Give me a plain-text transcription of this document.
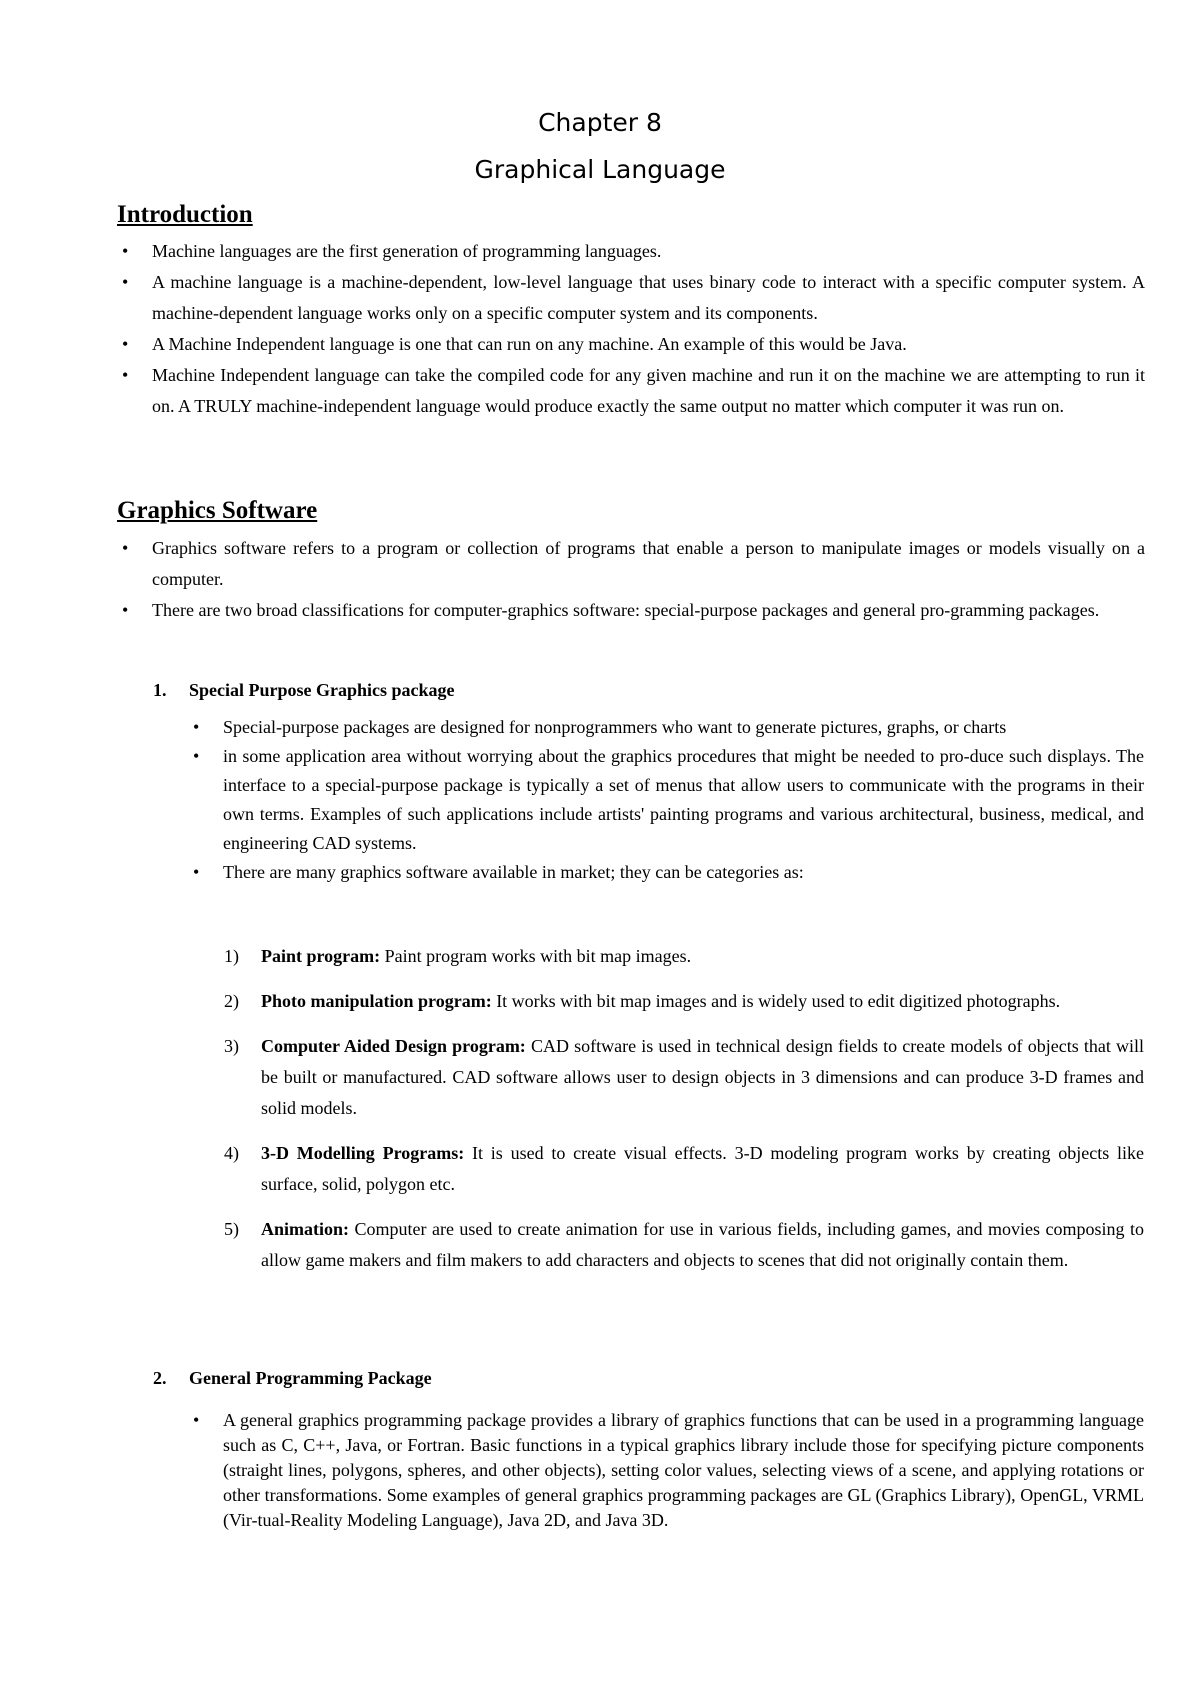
Chapter 8
Graphical Language
Introduction
• Machine languages are the first generation of programming languages.
• A machine language is a machine-dependent, low-level language that uses binary code to interact with a specific computer system. A machine-dependent language works only on a specific computer system and its components.
• A Machine Independent language is one that can run on any machine. An example of this would be Java.
• Machine Independent language can take the compiled code for any given machine and run it on the machine we are attempting to run it on. A TRULY machine-independent language would produce exactly the same output no matter which computer it was run on.
Graphics Software
• Graphics software refers to a program or collection of programs that enable a person to manipulate images or models visually on a computer.
• There are two broad classifications for computer-graphics software: special-purpose packages and general pro-gramming packages.
1. Special Purpose Graphics package
• Special-purpose packages are designed for nonprogrammers who want to generate pictures, graphs, or charts
• in some application area without worrying about the graphics procedures that might be needed to pro-duce such displays. The interface to a special-purpose package is typically a set of menus that allow users to communicate with the programs in their own terms. Examples of such applications include artists' painting programs and various architectural, business, medical, and engineering CAD systems.
• There are many graphics software available in market; they can be categories as:
1) Paint program: Paint program works with bit map images.
2) Photo manipulation program: It works with bit map images and is widely used to edit digitized photographs.
3) Computer Aided Design program: CAD software is used in technical design fields to create models of objects that will be built or manufactured. CAD software allows user to design objects in 3 dimensions and can produce 3-D frames and solid models.
4) 3-D Modelling Programs: It is used to create visual effects. 3-D modeling program works by creating objects like surface, solid, polygon etc.
5) Animation: Computer are used to create animation for use in various fields, including games, and movies composing to allow game makers and film makers to add characters and objects to scenes that did not originally contain them.
2. General Programming Package
• A general graphics programming package provides a library of graphics functions that can be used in a programming language such as C, C++, Java, or Fortran. Basic functions in a typical graphics library include those for specifying picture components (straight lines, polygons, spheres, and other objects), setting color values, selecting views of a scene, and applying rotations or other transformations. Some examples of general graphics programming packages are GL (Graphics Library), OpenGL, VRML (Vir-tual-Reality Modeling Language), Java 2D, and Java 3D.
